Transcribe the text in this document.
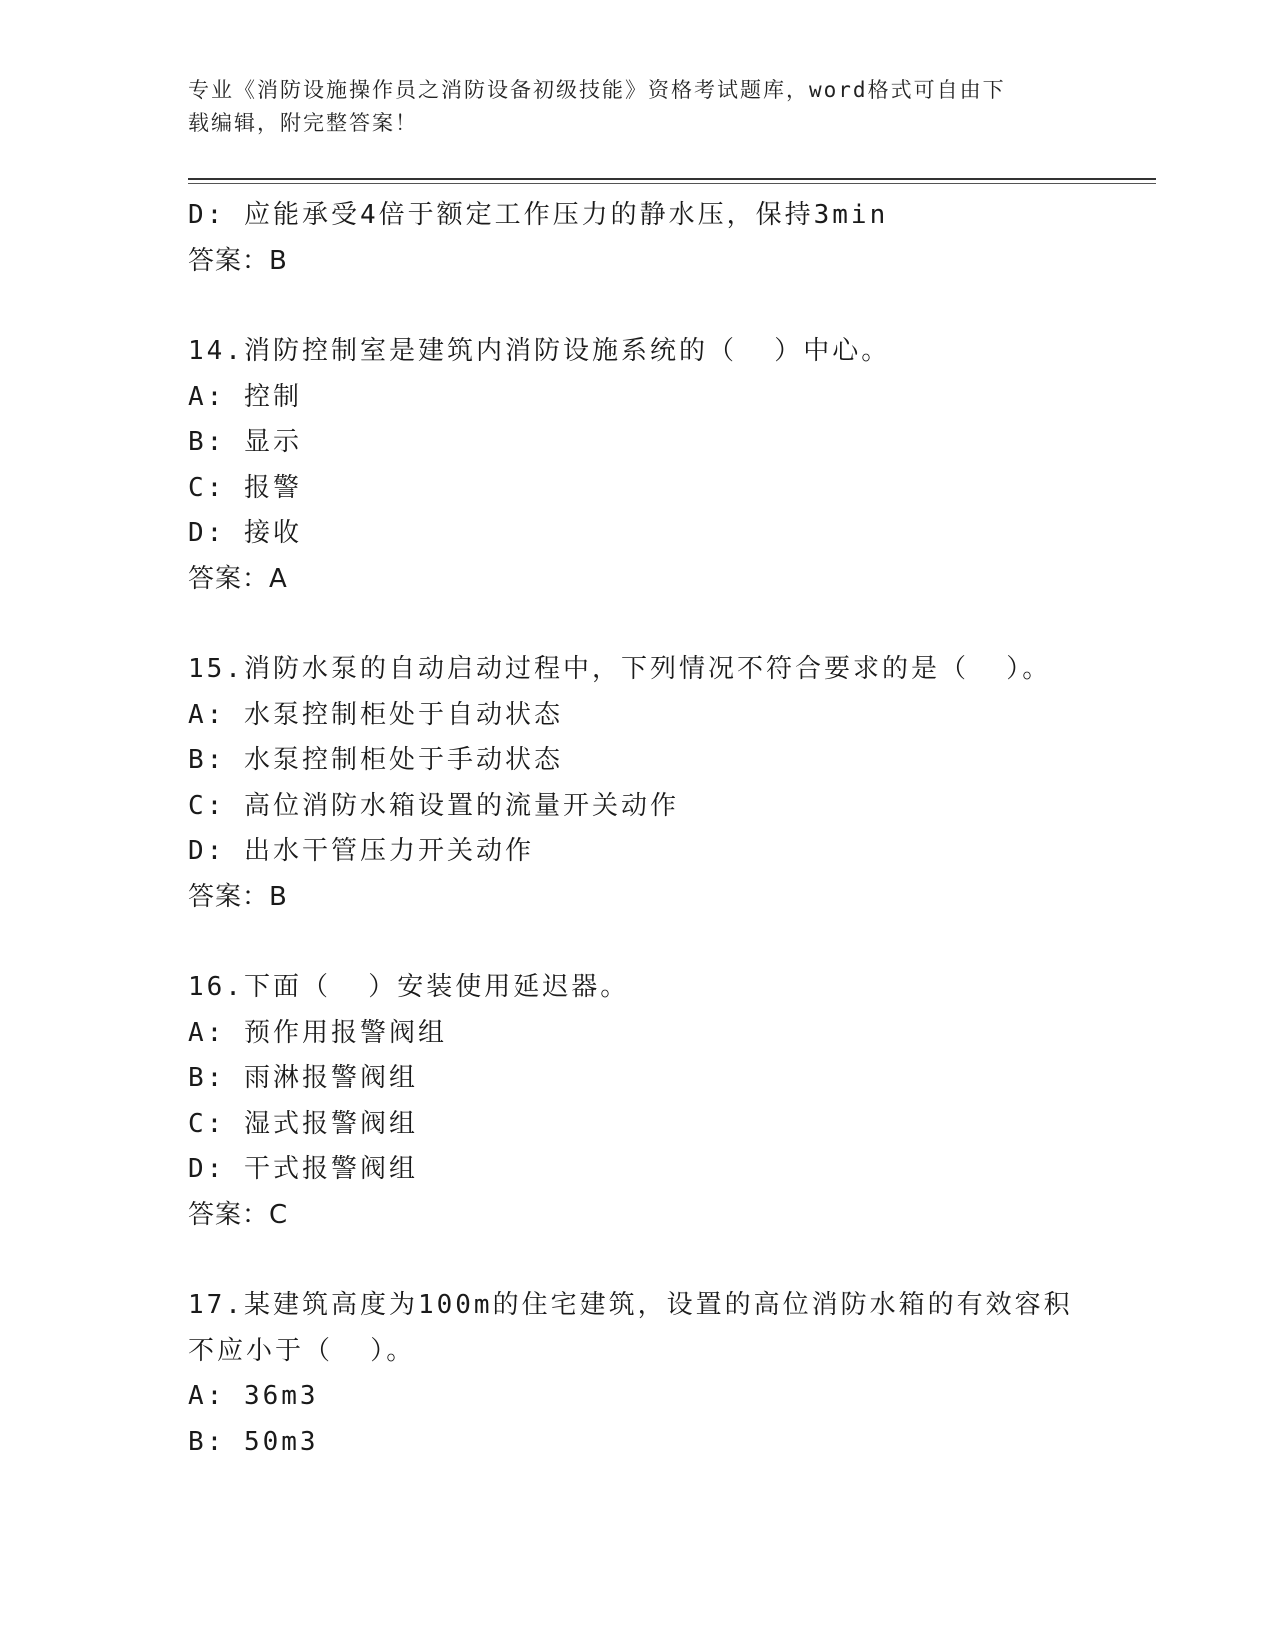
专业《消防设施操作员之消防设备初级技能》资格考试题库，word格式可自由下
载编辑，附完整答案！
D: 应能承受4倍于额定工作压力的静水压，保持3min
答案：B
14.消防控制室是建筑内消防设施系统的（  ）中心。
A: 控制
B: 显示
C: 报警
D: 接收
答案：A
15.消防水泵的自动启动过程中，下列情况不符合要求的是（  ）。
A: 水泵控制柜处于自动状态
B: 水泵控制柜处于手动状态
C: 高位消防水箱设置的流量开关动作
D: 出水干管压力开关动作
答案：B
16.下面（  ）安装使用延迟器。
A: 预作用报警阀组
B: 雨淋报警阀组
C: 湿式报警阀组
D: 干式报警阀组
答案：C
17.某建筑高度为100m的住宅建筑，设置的高位消防水箱的有效容积
不应小于（  ）。
A: 36m3
B: 50m3
